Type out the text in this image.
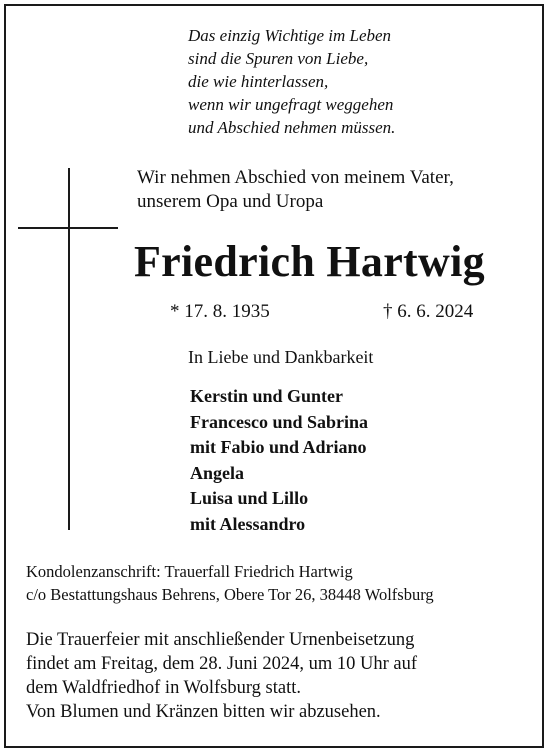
Das einzig Wichtige im Leben
sind die Spuren von Liebe,
die wie hinterlassen,
wenn wir ungefragt weggehen
und Abschied nehmen müssen.
Wir nehmen Abschied von meinem Vater,
unserem Opa und Uropa
Friedrich Hartwig
* 17. 8. 1935	† 6. 6. 2024
In Liebe und Dankbarkeit
Kerstin und Gunter
Francesco und Sabrina
mit Fabio und Adriano
Angela
Luisa und Lillo
mit Alessandro
Kondolenzanschrift: Trauerfall Friedrich Hartwig
c/o Bestattungshaus Behrens, Obere Tor 26, 38448 Wolfsburg
Die Trauerfeier mit anschließender Urnenbeisetzung
findet am Freitag, dem 28. Juni 2024, um 10 Uhr auf
dem Waldfriedhof in Wolfsburg statt.
Von Blumen und Kränzen bitten wir abzusehen.
